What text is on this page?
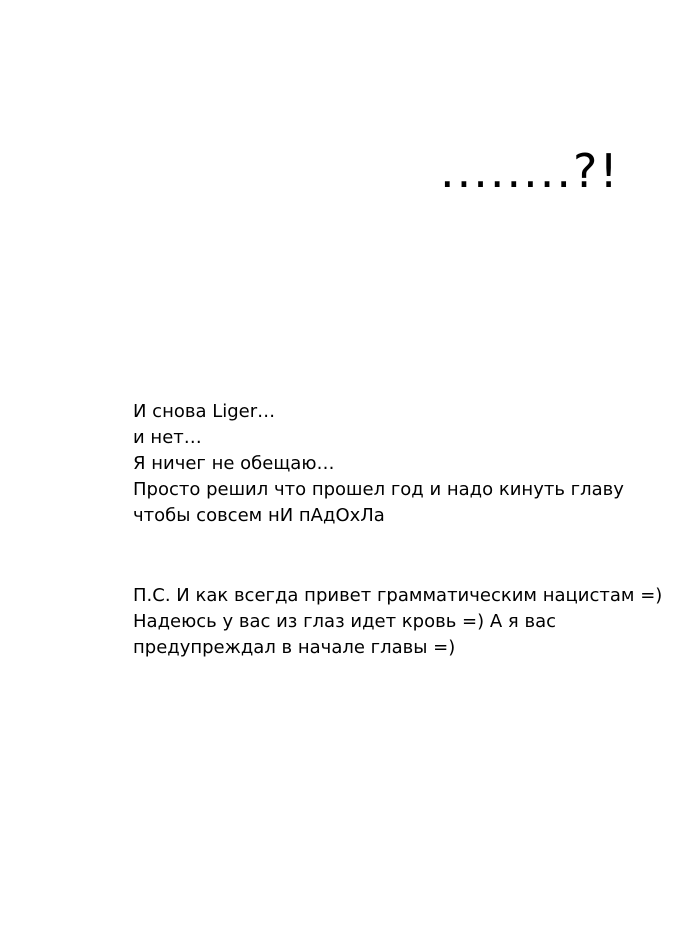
........?!
И снова Liger…
и нет…
Я ничег не обещаю…
Просто решил что прошел год и надо кинуть главу
чтобы совсем нИ пАдОхЛа
П.С. И как всегда привет грамматическим нацистам =)
Надеюсь у вас из глаз идет кровь =) А я вас
предупреждал в начале главы =)
